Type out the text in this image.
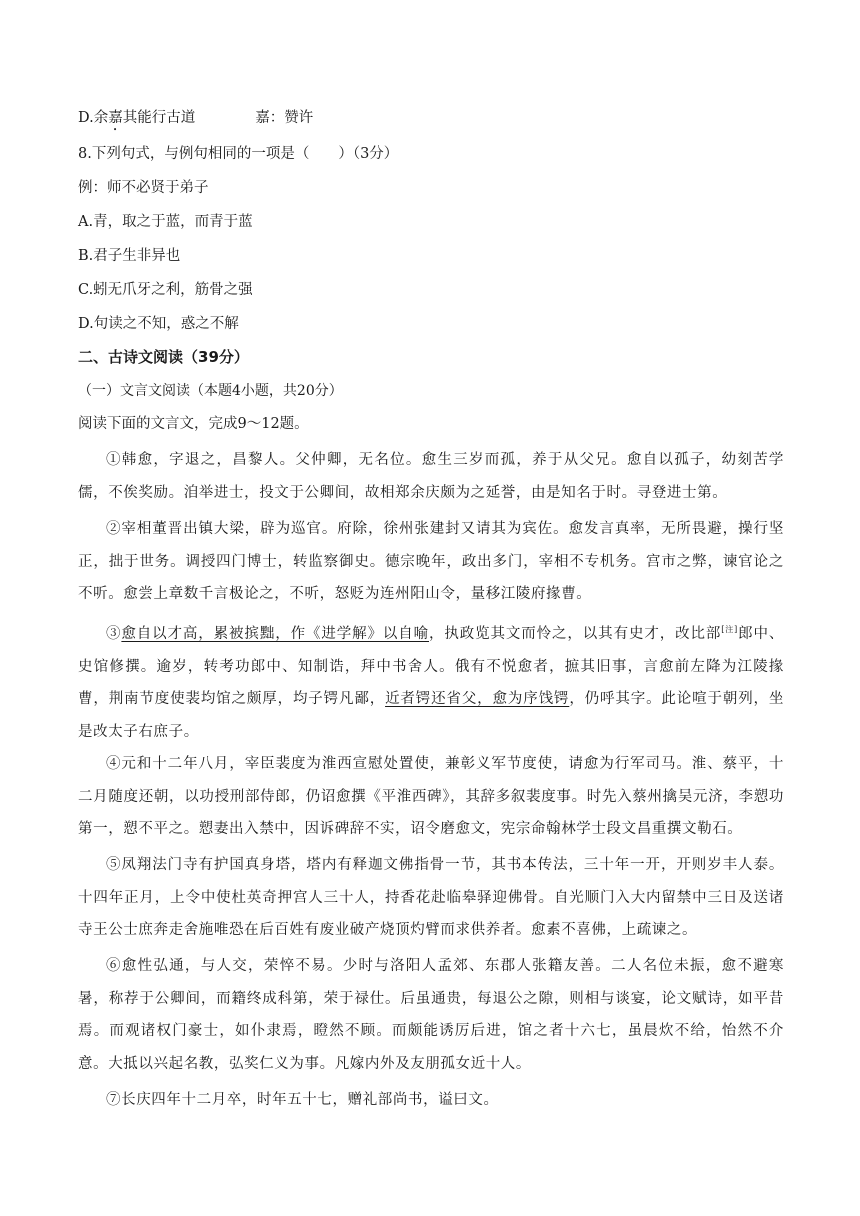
D.余嘉其能行古道	嘉：赞许
8.下列句式，与例句相同的一项是（　　）（3分）
例：师不必贤于弟子
A.青，取之于蓝，而青于蓝
B.君子生非异也
C.蚓无爪牙之利，筋骨之强
D.句读之不知，惑之不解
二、古诗文阅读（39分）
（一）文言文阅读（本题4小题，共20分）
阅读下面的文言文，完成9～12题。
①韩愈，字退之，昌黎人。父仲卿，无名位。愈生三岁而孤，养于从父兄。愈自以孤子，幼刻苦学儒，不俟奖励。洎举进士，投文于公卿间，故相郑余庆颇为之延誉，由是知名于时。寻登进士第。
②宰相董晋出镇大梁，辟为巡官。府除，徐州张建封又请其为宾佐。愈发言真率，无所畏避，操行坚正，拙于世务。调授四门博士，转监察御史。德宗晚年，政出多门，宰相不专机务。宫市之弊，谏官论之不听。愈尝上章数千言极论之，不听，怒贬为连州阳山令，量移江陵府掾曹。
③愈自以才高，累被摈黜，作《进学解》以自喻，执政览其文而怜之，以其有史才，改比部[注]郎中、史馆修撰。逾岁，转考功郎中、知制诰，拜中书舍人。俄有不悦愈者，摭其旧事，言愈前左降为江陵掾曹，荆南节度使裴均馆之颇厚，均子锷凡鄙，近者锷还省父，愈为序饯锷，仍呼其字。此论喧于朝列，坐是改太子右庶子。
④元和十二年八月，宰臣裴度为淮西宣慰处置使，兼彰义军节度使，请愈为行军司马。淮、蔡平，十二月随度还朝，以功授刑部侍郎，仍诏愈撰《平淮西碑》，其辞多叙裴度事。时先入蔡州擒吴元济，李愬功第一，愬不平之。愬妻出入禁中，因诉碑辞不实，诏令磨愈文，宪宗命翰林学士段文昌重撰文勒石。
⑤凤翔法门寺有护国真身塔，塔内有释迦文佛指骨一节，其书本传法，三十年一开，开则岁丰人泰。十四年正月，上令中使杜英奇押宫人三十人，持香花赴临皋驿迎佛骨。自光顺门入大内留禁中三日及送诸寺王公士庶奔走舍施唯恐在后百姓有废业破产烧顶灼臂而求供养者。愈素不喜佛，上疏谏之。
⑥愈性弘通，与人交，荣悴不易。少时与洛阳人孟郊、东郡人张籍友善。二人名位未振，愈不避寒暑，称荐于公卿间，而籍终成科第，荣于禄仕。后虽通贵，每退公之隙，则相与谈宴，论文赋诗，如平昔焉。而观诸权门豪士，如仆隶焉，瞪然不顾。而颇能诱厉后进，馆之者十六七，虽晨炊不给，怡然不介意。大抵以兴起名教，弘奖仁义为事。凡嫁内外及友朋孤女近十人。
⑦长庆四年十二月卒，时年五十七，赠礼部尚书，谥曰文。
